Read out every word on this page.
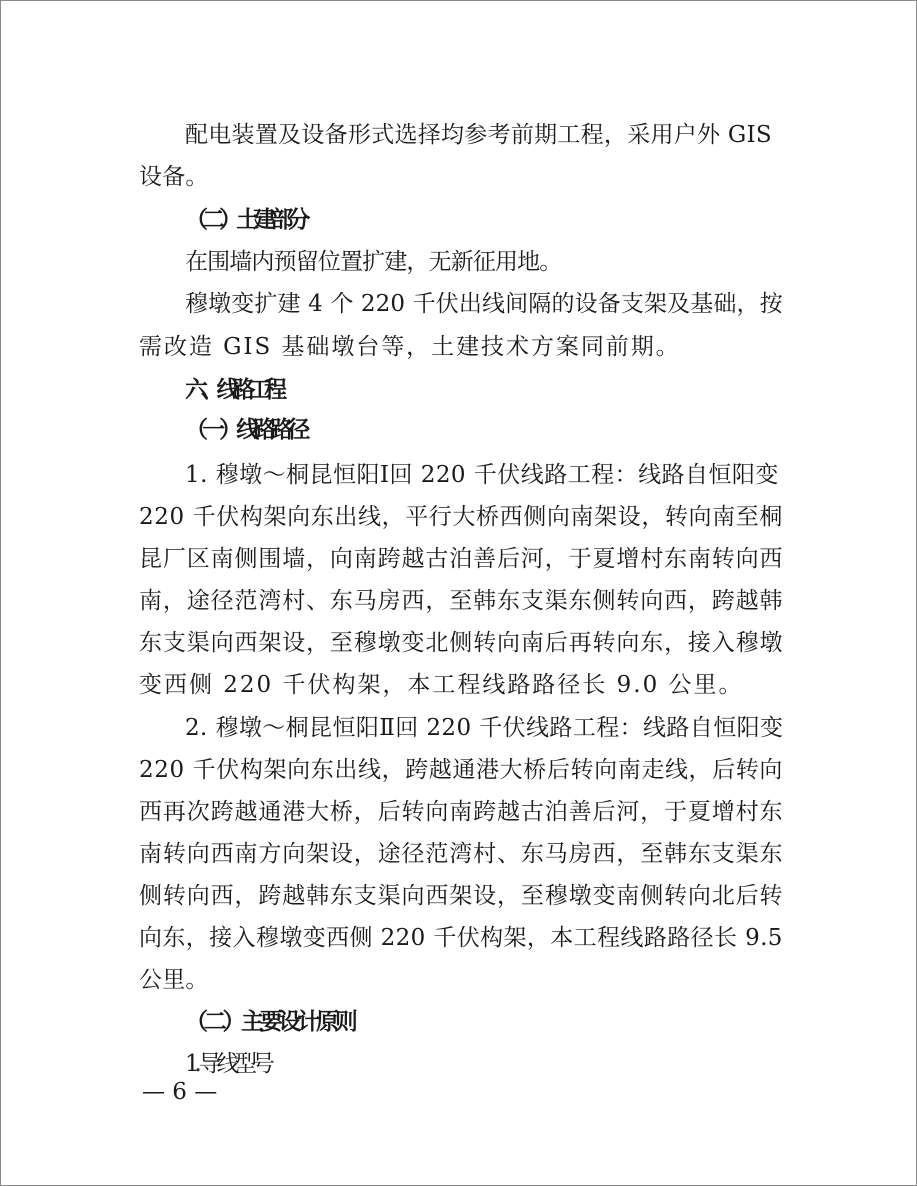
配电装置及设备形式选择均参考前期工程，采用户外 GIS
设备。
（二）土建部分
在围墙内预留位置扩建，无新征用地。
穆墩变扩建 4 个 220 千伏出线间隔的设备支架及基础，按
需改造 GIS 基础墩台等，土建技术方案同前期。
六、线路工程
（一）线路路径
1. 穆墩～桐昆恒阳Ⅰ回 220 千伏线路工程：线路自恒阳变
220 千伏构架向东出线，平行大桥西侧向南架设，转向南至桐
昆厂区南侧围墙，向南跨越古泊善后河，于夏增村东南转向西
南，途径范湾村、东马房西，至韩东支渠东侧转向西，跨越韩
东支渠向西架设，至穆墩变北侧转向南后再转向东，接入穆墩
变西侧 220 千伏构架，本工程线路路径长 9.0 公里。
2. 穆墩～桐昆恒阳Ⅱ回 220 千伏线路工程：线路自恒阳变
220 千伏构架向东出线，跨越通港大桥后转向南走线，后转向
西再次跨越通港大桥，后转向南跨越古泊善后河，于夏增村东
南转向西南方向架设，途径范湾村、东马房西，至韩东支渠东
侧转向西，跨越韩东支渠向西架设，至穆墩变南侧转向北后转
向东，接入穆墩变西侧 220 千伏构架，本工程线路路径长 9.5
公里。
（二）主要设计原则
1. 导线型号
— 6 —
